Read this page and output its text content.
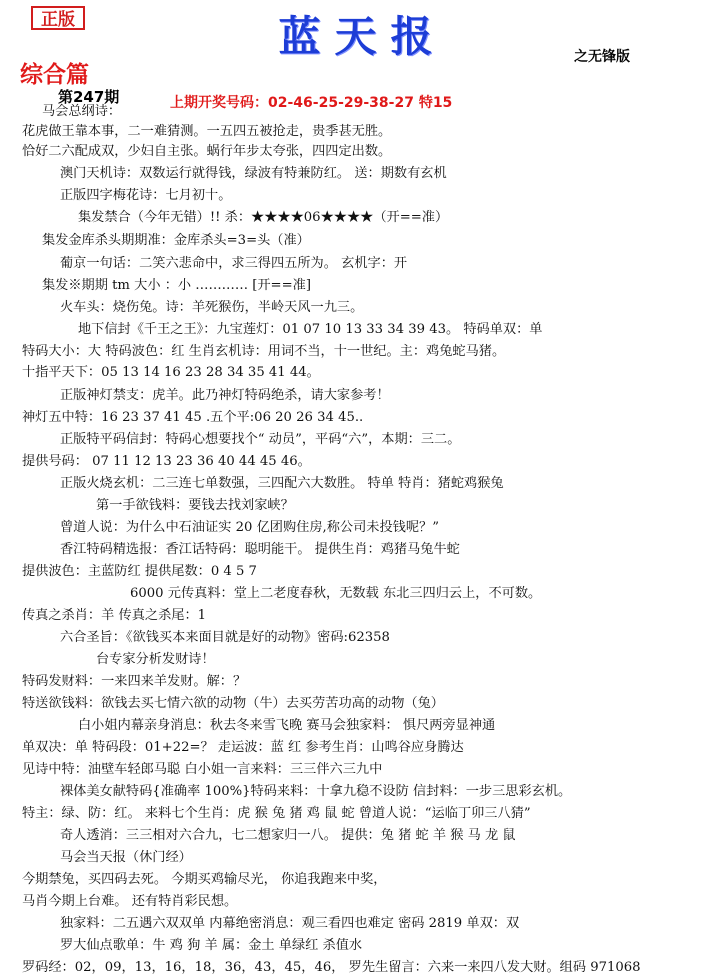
正版	蓝天报	之无锋版
综合篇
第247期	上期开奖号码：02-46-25-29-38-27 特15
马会总纲诗：
花虎做王靠本事，二一难猜测。一五四五被抢走，贵季甚无胜。
恰好二六配成双，少妇自主张。蜗行年步太夸张，四四定出数。
澳门天机诗：双数运行就得钱，绿波有特兼防红。 送：期数有玄机
正版四字梅花诗：七月初十。
集发禁合（今年无错）!! 杀：★★★★06★★★★（开==准）
集发金库杀头期期准：金库杀头=3=头（准）
葡京一句话：二笑六悲命中，求三得四五所为。 玄机字：开
集发※期期 tm 大小 ：小 ………… [开==准]
火车头：烧伤兔。诗：羊死猴伤，半岭天风一九三。
地下信封《千王之王》：九宝莲灯：01 07 10 13 33 34 39 43。 特码单双：单
特码大小：大 特码波色：红 生肖玄机诗：用词不当，十一世纪。主：鸡兔蛇马猪。
十指平天下：05 13 14 16 23 28 34 35 41 44。
正版神灯禁支：虎羊。此乃神灯特码绝杀，请大家参考！
神灯五中特：16 23 37 41 45 .五个平:06 20 26 34 45..
正版特平码信封：特码心想要找个“ 动员”，平码“六”，本期：三二。
提供号码： 07 11 12 13 23 36 40 44 45 46。
正版火烧玄机：二三连七单数强，三四配六大数胜。 特单 特肖：猪蛇鸡猴兔
第一手欲钱料：要钱去找刘家峡？
曾道人说：为什么中石油证实 20 亿团购住房,称公司未投钱呢？”
香江特码精选报：香江话特码：聪明能干。 提供生肖：鸡猪马兔牛蛇
提供波色：主蓝防红 提供尾数：0 4 5 7
6000 元传真料：堂上二老度春秋，无数载 东北三四归云上，不可数。
传真之杀肖：羊 传真之杀尾：1
六合圣旨：《欲钱买本来面目就是好的动物》密码:62358
台专家分析发财诗！
特码发财料：一来四来羊发财。解：？
特送欲钱料：欲钱去买七情六欲的动物（牛）去买劳苦功高的动物（兔）
白小姐内幕亲身消息：秋去冬来雪飞晚 赛马会独家料： 惧尺两旁显神通
单双决：单 特码段：01+22=？ 走运波：蓝 红 参考生肖：山鸣谷应身腾达
见诗中特：油壁车轻郎马聪 白小姐一言来料：三三伴六三九中
裸体美女献特码{准确率 100%}特码来料：十拿九稳不设防 信封料：一步三思彩玄机。
特主：绿、防：红。 来料七个生肖：虎 猴 兔 猪 鸡 鼠 蛇 曾道人说：“运临丁卯三八猜”
奇人透消：三三相对六合九，七二想家归一八。 提供：兔 猪 蛇 羊 猴 马 龙 鼠
马会当天报（休门经）
今期禁兔，买四码去死。 今期买鸡输尽光， 你追我跑来中奖，
马肖今期上台难。 还有特肖彩民想。
独家料：二五遇六双双单 内幕绝密消息：观三看四也难定 密码 2819 单双：双
罗大仙点歌单：牛 鸡 狗 羊 属：金土 单绿红 杀值水
罗码经：02，09，13，16，18，36，43，45，46， 罗先生留言：六来一来四八发大财。组码 971068
